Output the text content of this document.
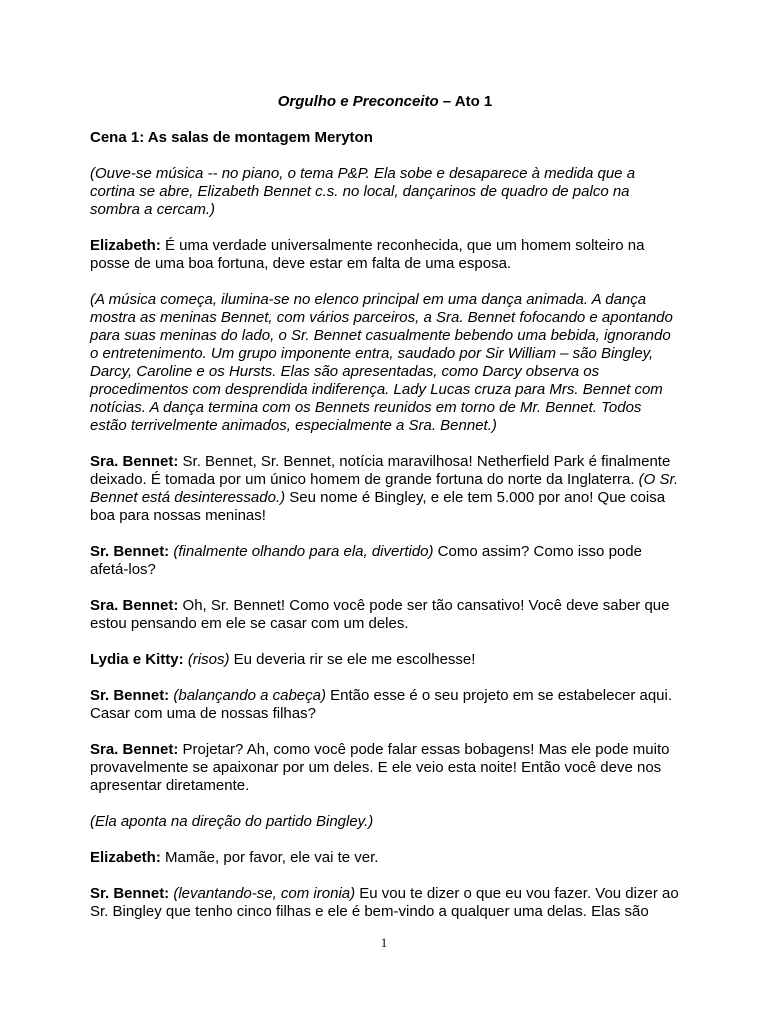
Orgulho e Preconceito – Ato 1

Cena 1: As salas de montagem Meryton

(Ouve-se música -- no piano, o tema P&P. Ela sobe e desaparece à medida que a cortina se abre, Elizabeth Bennet c.s. no local, dançarinos de quadro de palco na sombra a cercam.)

Elizabeth: É uma verdade universalmente reconhecida, que um homem solteiro na posse de uma boa fortuna, deve estar em falta de uma esposa.

(A música começa, ilumina-se no elenco principal em uma dança animada. A dança mostra as meninas Bennet, com vários parceiros, a Sra. Bennet fofocando e apontando para suas meninas do lado, o Sr. Bennet casualmente bebendo uma bebida, ignorando o entretenimento. Um grupo imponente entra, saudado por Sir William – são Bingley, Darcy, Caroline e os Hursts. Elas são apresentadas, como Darcy observa os procedimentos com desprendida indiferença. Lady Lucas cruza para Mrs. Bennet com notícias. A dança termina com os Bennets reunidos em torno de Mr. Bennet. Todos estão terrivelmente animados, especialmente a Sra. Bennet.)

Sra. Bennet: Sr. Bennet, Sr. Bennet, notícia maravilhosa! Netherfield Park é finalmente deixado. É tomada por um único homem de grande fortuna do norte da Inglaterra. (O Sr. Bennet está desinteressado.) Seu nome é Bingley, e ele tem 5.000 por ano! Que coisa boa para nossas meninas!

Sr. Bennet: (finalmente olhando para ela, divertido) Como assim? Como isso pode afetá-los?

Sra. Bennet: Oh, Sr. Bennet! Como você pode ser tão cansativo! Você deve saber que estou pensando em ele se casar com um deles.

Lydia e Kitty: (risos) Eu deveria rir se ele me escolhesse!

Sr. Bennet: (balançando a cabeça) Então esse é o seu projeto em se estabelecer aqui. Casar com uma de nossas filhas?

Sra. Bennet: Projetar? Ah, como você pode falar essas bobagens! Mas ele pode muito provavelmente se apaixonar por um deles. E ele veio esta noite! Então você deve nos apresentar diretamente.

(Ela aponta na direção do partido Bingley.)

Elizabeth: Mamãe, por favor, ele vai te ver.

Sr. Bennet: (levantando-se, com ironia) Eu vou te dizer o que eu vou fazer. Vou dizer ao Sr. Bingley que tenho cinco filhas e ele é bem-vindo a qualquer uma delas. Elas são

1
